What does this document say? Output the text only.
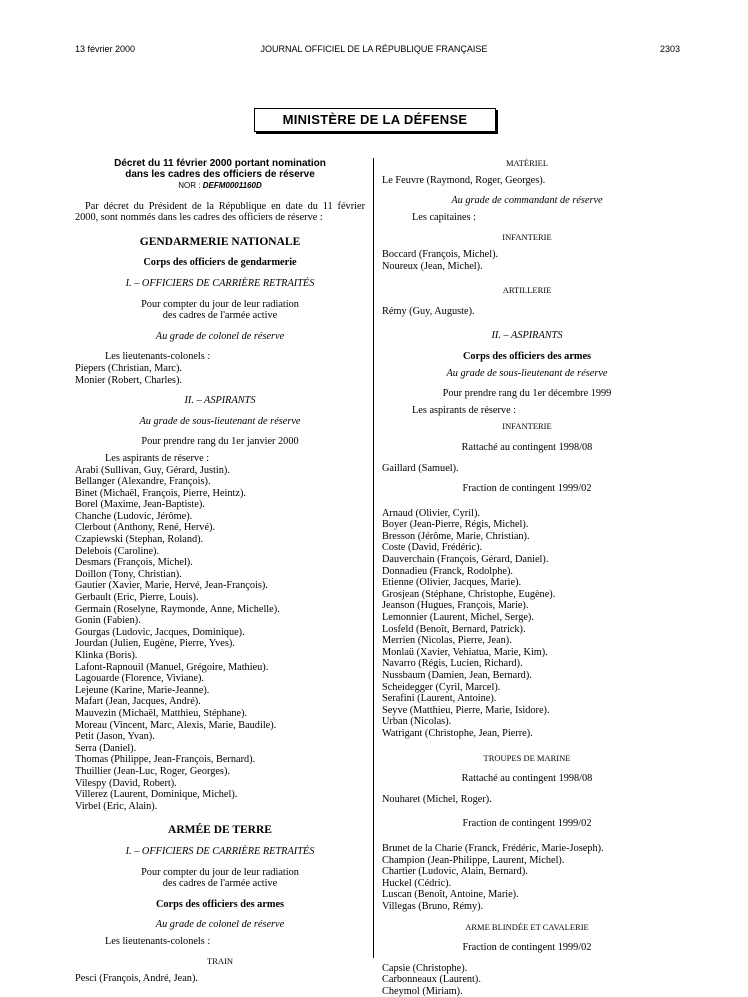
13 février 2000	JOURNAL OFFICIEL DE LA RÉPUBLIQUE FRANÇAISE	2303
MINISTÈRE DE LA DÉFENSE
Décret du 11 février 2000 portant nomination
dans les cadres des officiers de réserve
NOR : DEFM0001160D
Par décret du Président de la République en date du 11 février 2000, sont nommés dans les cadres des officiers de réserve :
GENDARMERIE NATIONALE
Corps des officiers de gendarmerie
I. – OFFICIERS DE CARRIÈRE RETRAITÉS
Pour compter du jour de leur radiation
des cadres de l'armée active
Au grade de colonel de réserve
Les lieutenants-colonels :
Piepers (Christian, Marc).
Monier (Robert, Charles).
II. – ASPIRANTS
Au grade de sous-lieutenant de réserve
Pour prendre rang du 1er janvier 2000
Les aspirants de réserve :
Arabi (Sullivan, Guy, Gérard, Justin).
Bellanger (Alexandre, François).
Binet (Michaël, François, Pierre, Heintz).
Borel (Maxime, Jean-Baptiste).
Chanche (Ludovic, Jérôme).
Clerbout (Anthony, René, Hervé).
Czapiewski (Stephan, Roland).
Delebois (Caroline).
Desmars (François, Michel).
Doillon (Tony, Christian).
Gautier (Xavier, Marie, Hervé, Jean-François).
Gerbault (Eric, Pierre, Louis).
Germain (Roselyne, Raymonde, Anne, Michelle).
Gonin (Fabien).
Gourgas (Ludovic, Jacques, Dominique).
Jourdan (Julien, Eugène, Pierre, Yves).
Klinka (Boris).
Lafont-Rapnouil (Manuel, Grégoire, Mathieu).
Lagouarde (Florence, Viviane).
Lejeune (Karine, Marie-Jeanne).
Mafart (Jean, Jacques, André).
Mauvezin (Michaël, Matthieu, Stéphane).
Moreau (Vincent, Marc, Alexis, Marie, Baudile).
Petit (Jason, Yvan).
Serra (Daniel).
Thomas (Philippe, Jean-François, Bernard).
Thuillier (Jean-Luc, Roger, Georges).
Vilespy (David, Robert).
Villerez (Laurent, Dominique, Michel).
Virbel (Eric, Alain).
ARMÉE DE TERRE
I. – OFFICIERS DE CARRIÈRE RETRAITÉS
Pour compter du jour de leur radiation
des cadres de l'armée active
Corps des officiers des armes
Au grade de colonel de réserve
Les lieutenants-colonels :
TRAIN
Pesci (François, André, Jean).
MATÉRIEL
Le Feuvre (Raymond, Roger, Georges).
Au grade de commandant de réserve
Les capitaines :
INFANTERIE
Boccard (François, Michel).
Noureux (Jean, Michel).
ARTILLERIE
Rémy (Guy, Auguste).
II. – ASPIRANTS
Corps des officiers des armes
Au grade de sous-lieutenant de réserve
Pour prendre rang du 1er décembre 1999
Les aspirants de réserve :
INFANTERIE
Rattaché au contingent 1998/08
Gaillard (Samuel).
Fraction de contingent 1999/02
Arnaud (Olivier, Cyril).
Boyer (Jean-Pierre, Régis, Michel).
Bresson (Jérôme, Marie, Christian).
Coste (David, Frédéric).
Dauverchain (François, Gérard, Daniel).
Donnadieu (Franck, Rodolphe).
Etienne (Olivier, Jacques, Marie).
Grosjean (Stéphane, Christophe, Eugène).
Jeanson (Hugues, François, Marie).
Lemonnier (Laurent, Michel, Serge).
Losfeld (Benoît, Bernard, Patrick).
Merrien (Nicolas, Pierre, Jean).
Monlaü (Xavier, Vehiatua, Marie, Kim).
Navarro (Régis, Lucien, Richard).
Nussbaum (Damien, Jean, Bernard).
Scheidegger (Cyril, Marcel).
Serafini (Laurent, Antoine).
Seyve (Matthieu, Pierre, Marie, Isidore).
Urban (Nicolas).
Watrigant (Christophe, Jean, Pierre).
TROUPES DE MARINE
Rattaché au contingent 1998/08
Nouharet (Michel, Roger).
Fraction de contingent 1999/02
Brunet de la Charie (Franck, Frédéric, Marie-Joseph).
Champion (Jean-Philippe, Laurent, Michel).
Chartier (Ludovic, Alain, Bernard).
Huckel (Cédric).
Luscan (Benoît, Antoine, Marie).
Villegas (Bruno, Rémy).
ARME BLINDÉE ET CAVALERIE
Fraction de contingent 1999/02
Capsie (Christophe).
Carbonneaux (Laurent).
Cheymol (Miriam).
